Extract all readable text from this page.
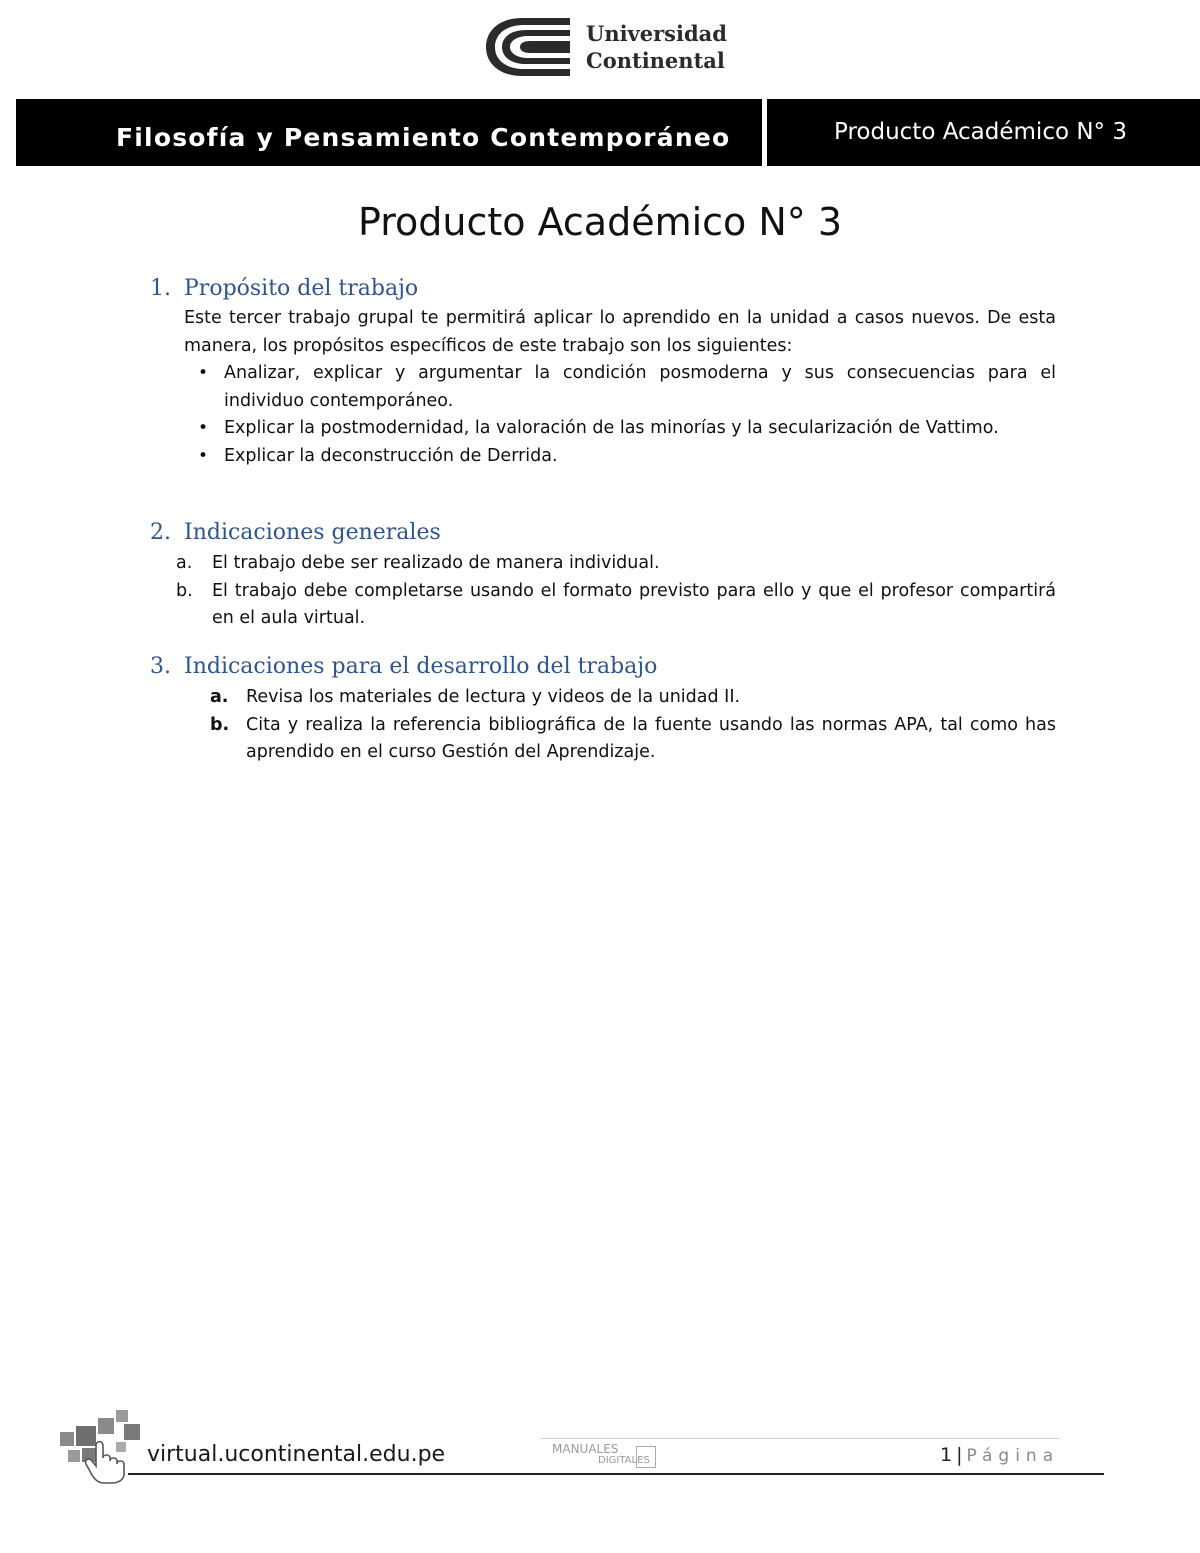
Universidad
Continental
Filosofía y Pensamiento Contemporáneo	Producto Académico N° 3
Producto Académico N° 3
1. Propósito del trabajo
Este tercer trabajo grupal te permitirá aplicar lo aprendido en la unidad a casos nuevos. De esta manera, los propósitos específicos de este trabajo son los siguientes:
• Analizar, explicar y argumentar la condición posmoderna y sus consecuencias para el individuo contemporáneo.
• Explicar la postmodernidad, la valoración de las minorías y la secularización de Vattimo.
• Explicar la deconstrucción de Derrida.
2. Indicaciones generales
a. El trabajo debe ser realizado de manera individual.
b. El trabajo debe completarse usando el formato previsto para ello y que el profesor compartirá en el aula virtual.
3. Indicaciones para el desarrollo del trabajo
a. Revisa los materiales de lectura y videos de la unidad II.
b. Cita y realiza la referencia bibliográfica de la fuente usando las normas APA, tal como has aprendido en el curso Gestión del Aprendizaje.
virtual.ucontinental.edu.pe	MANUALES
DIGITALES	1 | Página
